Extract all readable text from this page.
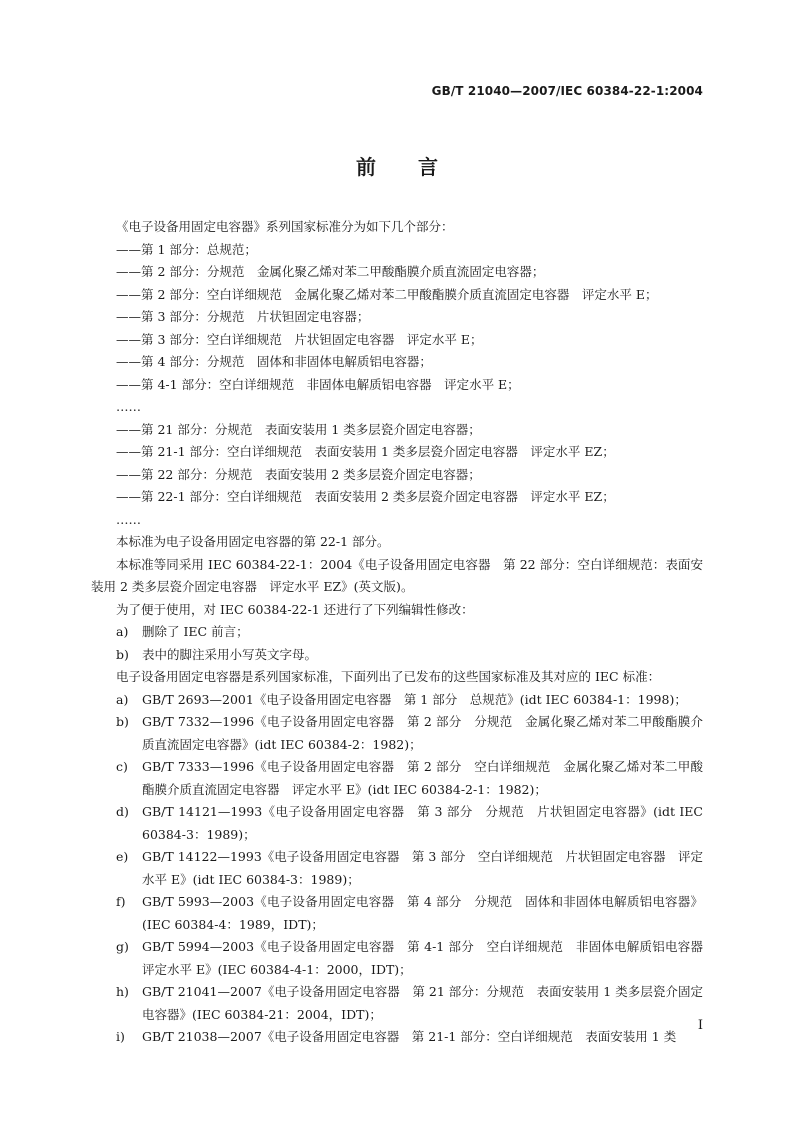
GB/T 21040—2007/IEC 60384-22-1:2004
前言
《电子设备用固定电容器》系列国家标准分为如下几个部分：
——第 1 部分：总规范；
——第 2 部分：分规范　金属化聚乙烯对苯二甲酸酯膜介质直流固定电容器；
——第 2 部分：空白详细规范　金属化聚乙烯对苯二甲酸酯膜介质直流固定电容器　评定水平 E；
——第 3 部分：分规范　片状钽固定电容器；
——第 3 部分：空白详细规范　片状钽固定电容器　评定水平 E；
——第 4 部分：分规范　固体和非固体电解质铝电容器；
——第 4-1 部分：空白详细规范　非固体电解质铝电容器　评定水平 E；
……
——第 21 部分：分规范　表面安装用 1 类多层瓷介固定电容器；
——第 21-1 部分：空白详细规范　表面安装用 1 类多层瓷介固定电容器　评定水平 EZ；
——第 22 部分：分规范　表面安装用 2 类多层瓷介固定电容器；
——第 22-1 部分：空白详细规范　表面安装用 2 类多层瓷介固定电容器　评定水平 EZ；
……
本标准为电子设备用固定电容器的第 22-1 部分。
本标准等同采用 IEC 60384-22-1：2004《电子设备用固定电容器　第 22 部分：空白详细规范：表面安装用 2 类多层瓷介固定电容器　评定水平 EZ》(英文版)。
为了便于使用，对 IEC 60384-22-1 还进行了下列编辑性修改：
a) 删除了 IEC 前言；
b) 表中的脚注采用小写英文字母。
电子设备用固定电容器是系列国家标准，下面列出了已发布的这些国家标准及其对应的 IEC 标准：
a) GB/T 2693—2001《电子设备用固定电容器　第 1 部分　总规范》(idt IEC 60384-1：1998)；
b) GB/T 7332—1996《电子设备用固定电容器　第 2 部分　分规范　金属化聚乙烯对苯二甲酸酯膜介质直流固定电容器》(idt IEC 60384-2：1982)；
c) GB/T 7333—1996《电子设备用固定电容器　第 2 部分　空白详细规范　金属化聚乙烯对苯二甲酸酯膜介质直流固定电容器　评定水平 E》(idt IEC 60384-2-1：1982)；
d) GB/T 14121—1993《电子设备用固定电容器　第 3 部分　分规范　片状钽固定电容器》(idt IEC 60384-3：1989)；
e) GB/T 14122—1993《电子设备用固定电容器　第 3 部分　空白详细规范　片状钽固定电容器　评定水平 E》(idt IEC 60384-3：1989)；
f) GB/T 5993—2003《电子设备用固定电容器　第 4 部分　分规范　固体和非固体电解质铝电容器》(IEC 60384-4：1989，IDT)；
g) GB/T 5994—2003《电子设备用固定电容器　第 4-1 部分　空白详细规范　非固体电解质铝电容器　评定水平 E》(IEC 60384-4-1：2000，IDT)；
h) GB/T 21041—2007《电子设备用固定电容器　第 21 部分：分规范　表面安装用 1 类多层瓷介固定电容器》(IEC 60384-21：2004，IDT)；
i) GB/T 21038—2007《电子设备用固定电容器　第 21-1 部分：空白详细规范　表面安装用 1 类
I
